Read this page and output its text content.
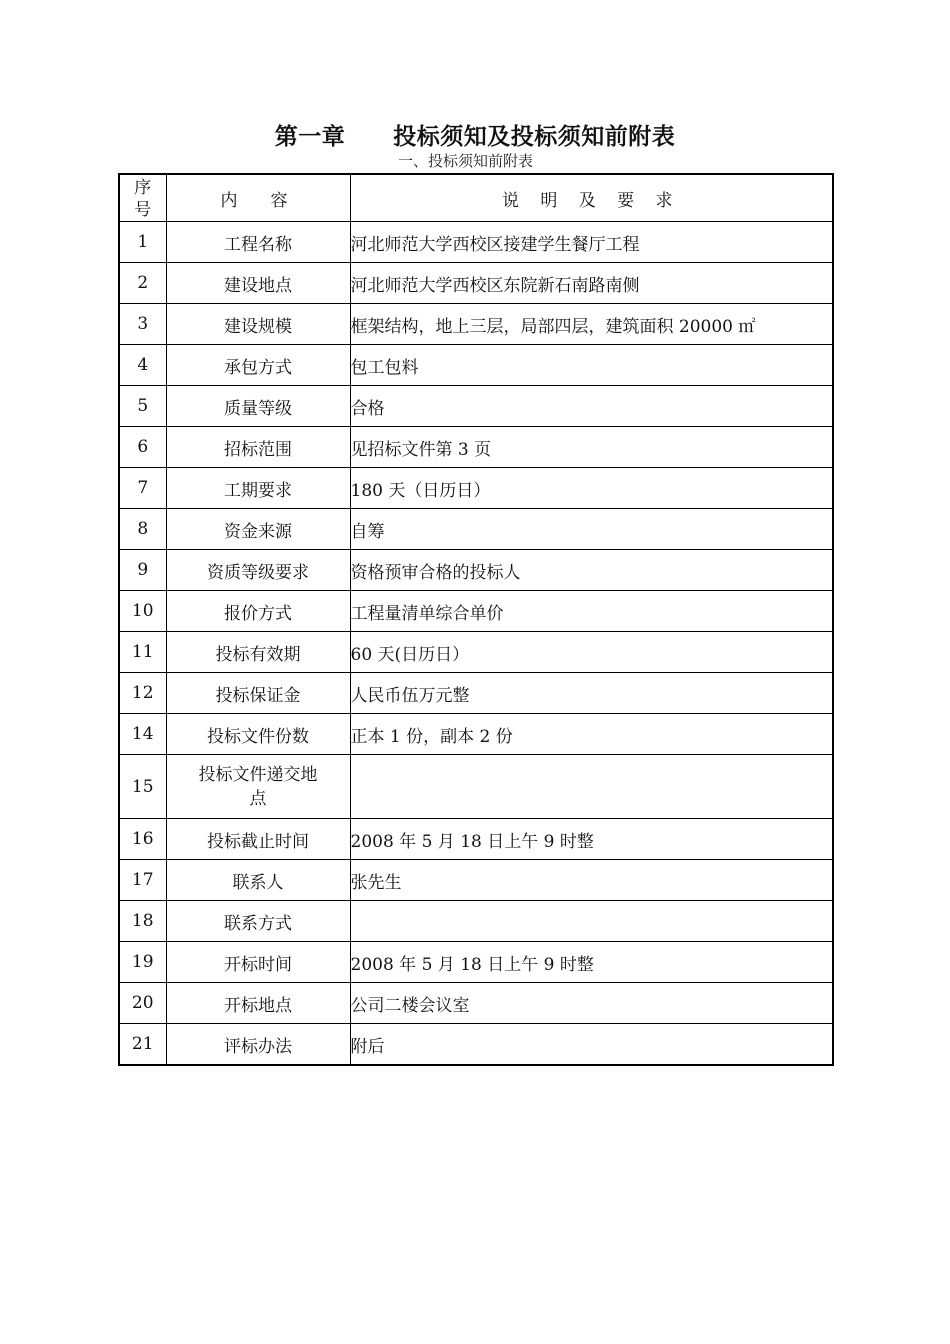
第一章 投标须知及投标须知前附表
一、投标须知前附表
序
号	内　容	说 明 及 要 求
1	工程名称	河北师范大学西校区接建学生餐厅工程
2	建设地点	河北师范大学西校区东院新石南路南侧
3	建设规模	框架结构，地上三层，局部四层，建筑面积 20000 ㎡
4	承包方式	包工包料
5	质量等级	合格
6	招标范围	见招标文件第 3 页
7	工期要求	180 天（日历日）
8	资金来源	自筹
9	资质等级要求	资格预审合格的投标人
10	报价方式	工程量清单综合单价
11	投标有效期	60 天(日历日）
12	投标保证金	人民币伍万元整
14	投标文件份数	正本 1 份，副本 2 份
15	投标文件递交地
点	
16	投标截止时间	2008 年 5 月 18 日上午 9 时整
17	联系人	张先生
18	联系方式	
19	开标时间	2008 年 5 月 18 日上午 9 时整
20	开标地点	公司二楼会议室
21	评标办法	附后
